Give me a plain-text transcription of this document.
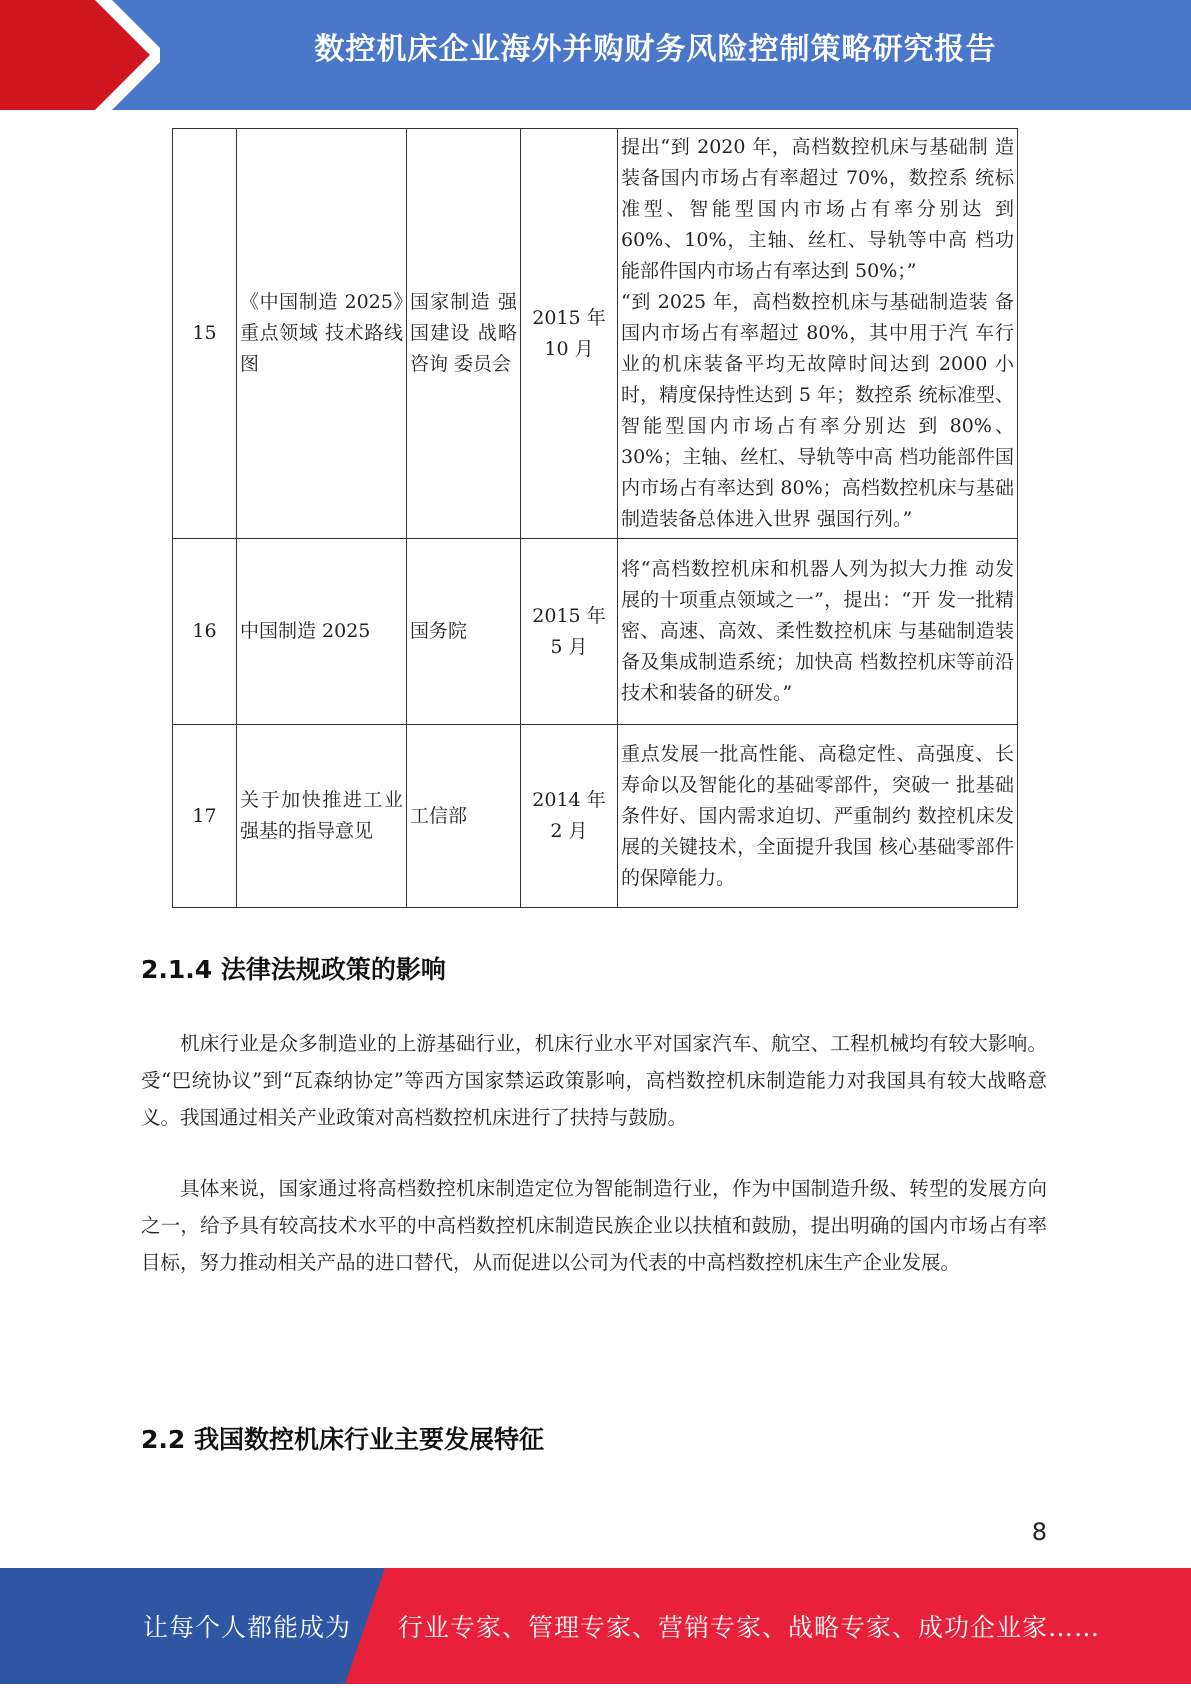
数控机床企业海外并购财务风险控制策略研究报告
15	《中国制造 2025》重点领域 技术路线图	国家制造 强国建设 战略咨询 委员会	2015 年 10 月	提出“到 2020 年，高档数控机床与基础制 造装备国内市场占有率超过 70%，数控系 统标准型、智能型国内市场占有率分别达 到 60%、10%，主轴、丝杠、导轨等中高 档功能部件国内市场占有率达到 50%；”
“到 2025 年，高档数控机床与基础制造装 备国内市场占有率超过 80%，其中用于汽 车行业的机床装备平均无故障时间达到 2000 小时，精度保持性达到 5 年；数控系 统标准型、智能型国内市场占有率分别达 到 80%、30%；主轴、丝杠、导轨等中高 档功能部件国内市场占有率达到 80%；高档数控机床与基础制造装备总体进入世界 强国行列。”

16	中国制造 2025	国务院	2015 年 5 月	将“高档数控机床和机器人列为拟大力推 动发展的十项重点领域之一”，提出：“开 发一批精密、高速、高效、柔性数控机床 与基础制造装备及集成制造系统；加快高 档数控机床等前沿技术和装备的研发。”
17	关于加快推进工业强基的指导意见	工信部	2014 年 2 月	重点发展一批高性能、高稳定性、高强度、长寿命以及智能化的基础零部件，突破一 批基础条件好、国内需求迫切、严重制约 数控机床发展的关键技术，全面提升我国 核心基础零部件的保障能力。
2.1.4 法律法规政策的影响

机床行业是众多制造业的上游基础行业，机床行业水平对国家汽车、航空、工程机械均有较大影响。受“巴统协议”到“瓦森纳协定”等西方国家禁运政策影响，高档数控机床制造能力对我国具有较大战略意义。我国通过相关产业政策对高档数控机床进行了扶持与鼓励。

具体来说，国家通过将高档数控机床制造定位为智能制造行业，作为中国制造升级、转型的发展方向之一，给予具有较高技术水平的中高档数控机床制造民族企业以扶植和鼓励，提出明确的国内市场占有率目标，努力推动相关产品的进口替代，从而促进以公司为代表的中高档数控机床生产企业发展。

2.2 我国数控机床行业主要发展特征
8
让每个人都能成为 行业专家、管理专家、营销专家、战略专家、成功企业家……
